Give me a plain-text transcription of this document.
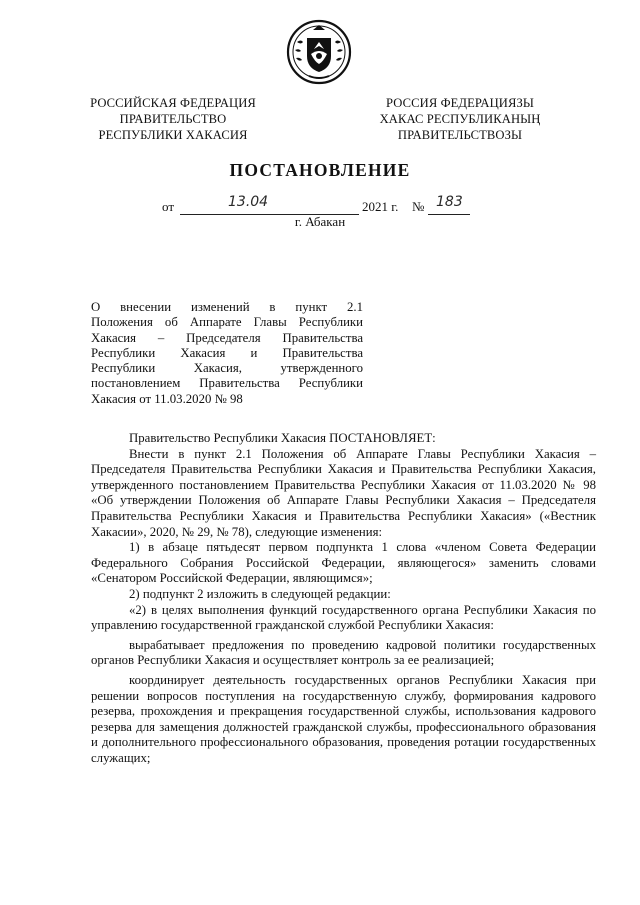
РОССИЙСКАЯ ФЕДЕРАЦИЯ
ПРАВИТЕЛЬСТВО
РЕСПУБЛИКИ ХАКАСИЯ
РОССИЯ ФЕДЕРАЦИЯЗЫ
ХАКАС РЕСПУБЛИКАНЫҢ
ПРАВИТЕЛЬСТВОЗЫ
ПОСТАНОВЛЕНИЕ
от	13.04	2021 г. № 183
г. Абакан
О внесении изменений в пункт 2.1
Положения об Аппарате Главы Республики
Хакасия – Председателя Правительства
Республики Хакасия и Правительства
Республики Хакасия, утвержденного
постановлением Правительства Республики
Хакасия от 11.03.2020 № 98

Правительство Республики Хакасия ПОСТАНОВЛЯЕТ:

Внести в пункт 2.1 Положения об Аппарате Главы Республики Хакасия – Председателя Правительства Республики Хакасия и Правительства Республики Хакасия, утвержденного постановлением Правительства Республики Хакасия от 11.03.2020 № 98 «Об утверждении Положения об Аппарате Главы Республики Хакасия – Председателя Правительства Республики Хакасия и Правительства Республики Хакасия» («Вестник Хакасии», 2020, № 29, № 78), следующие изменения:

1) в абзаце пятьдесят первом подпункта 1 слова «членом Совета Федерации Федерального Собрания Российской Федерации, являющегося» заменить словами «Сенатором Российской Федерации, являющимся»;

2) подпункт 2 изложить в следующей редакции:

«2) в целях выполнения функций государственного органа Республики Хакасия по управлению государственной гражданской службой Республики Хакасия:

вырабатывает предложения по проведению кадровой политики государственных органов Республики Хакасия и осуществляет контроль за ее реализацией;

координирует деятельность государственных органов Республики Хакасия при решении вопросов поступления на государственную службу, формирования кадрового резерва, прохождения и прекращения государственной службы, использования кадрового резерва для замещения должностей гражданской службы, профессионального образования и дополнительного профессионального образования, проведения ротации государственных служащих;
